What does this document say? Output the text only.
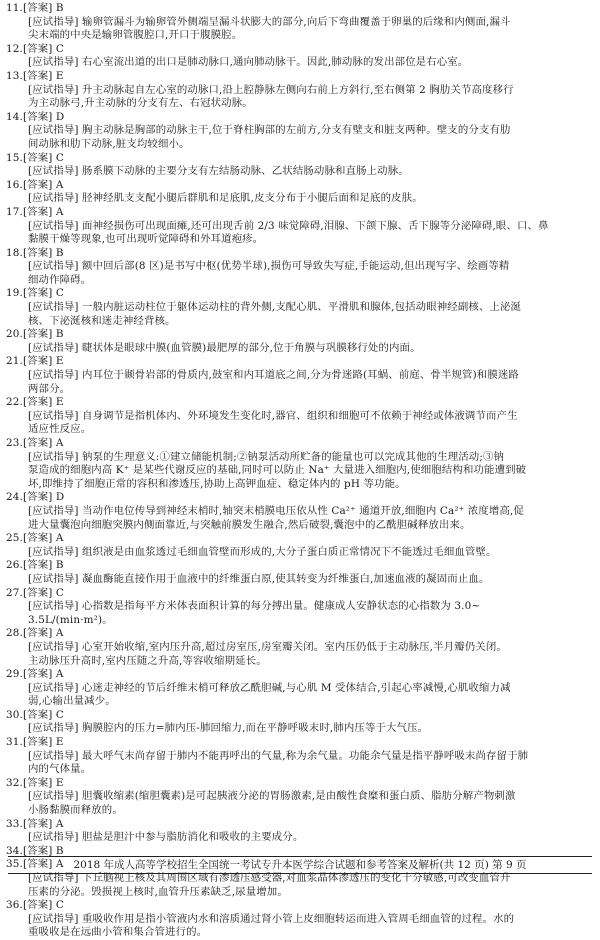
11.[答案] B
[应试指导] 输卵管漏斗为输卵管外侧端呈漏斗状膨大的部分,向后下弯曲覆盖于卵巢的后缘和内侧面,漏斗
尖末端的中央是输卵管腹腔口,开口于腹膜腔。
12.[答案] C
[应试指导] 右心室流出道的出口是肺动脉口,通向肺动脉干。因此,肺动脉的发出部位是右心室。
13.[答案] E
[应试指导] 升主动脉起自左心室的动脉口,沿上腔静脉左侧向右前上方斜行,至右侧第 2 胸肋关节高度移行
为主动脉弓,升主动脉的分支有左、右冠状动脉。
14.[答案] D
[应试指导] 胸主动脉是胸部的动脉主干,位于脊柱胸部的左前方,分支有壁支和脏支两种。壁支的分支有肋
间动脉和肋下动脉,脏支均较细小。
15.[答案] C
[应试指导] 肠系膜下动脉的主要分支有左结肠动脉、乙状结肠动脉和直肠上动脉。
16.[答案] A
[应试指导] 胫神经肌支支配小腿后群肌和足底肌,皮支分布于小腿后面和足底的皮肤。
17.[答案] A
[应试指导] 面神经损伤可出现面瘫,还可出现舌前 2/3 味觉障碍,泪腺、下颌下腺、舌下腺等分泌障碍,眼、口、鼻
黏膜干燥等现象,也可出现听觉障碍和外耳道疱疹。
18.[答案] B
[应试指导] 额中回后部(8 区)是书写中枢(优势半球),损伤可导致失写症,手能运动,但出现写字、绘画等精
细动作障碍。
19.[答案] C
[应试指导] 一般内脏运动柱位于躯体运动柱的背外侧,支配心肌、平滑肌和腺体,包括动眼神经副核、上泌涎
核、下泌涎核和迷走神经背核。
20.[答案] B
[应试指导] 睫状体是眼球中膜(血管膜)最肥厚的部分,位于角膜与巩膜移行处的内面。
21.[答案] E
[应试指导] 内耳位于颞骨岩部的骨质内,鼓室和内耳道底之间,分为骨迷路(耳蜗、前庭、骨半规管)和膜迷路
两部分。
22.[答案] E
[应试指导] 自身调节是指机体内、外环境发生变化时,器官、组织和细胞可不依赖于神经或体液调节而产生
适应性反应。
23.[答案] A
[应试指导] 钠泵的生理意义:①建立储能机制;②钠泵活动所贮备的能量也可以完成其他的生理活动;③钠
泵造成的细胞内高 K⁺ 是某些代谢反应的基础,同时可以防止 Na⁺ 大量进入细胞内,使细胞结构和功能遭到破
坏,即维持了细胞正常的容积和渗透压,协助上高钾血症、稳定体内的 pH 等功能。
24.[答案] D
[应试指导] 当动作电位传导到神经末梢时,轴突末梢膜电压依从性 Ca²⁺ 通道开放,细胞内 Ca²⁺ 浓度增高,促
进大量囊泡向细胞突膜内侧面靠近,与突触前膜发生融合,然后破裂,囊泡中的乙酰胆碱释放出来。
25.[答案] A
[应试指导] 组织液是由血浆透过毛细血管壁而形成的,大分子蛋白质正常情况下不能透过毛细血管壁。
26.[答案] B
[应试指导] 凝血酶能直接作用于血液中的纤维蛋白原,使其转变为纤维蛋白,加速血液的凝固而止血。
27.[答案] C
[应试指导] 心指数是指每平方米体表面积计算的每分搏出量。健康成人安静状态的心指数为 3.0~
3.5L/(min·m²)。
28.[答案] A
[应试指导] 心室开始收缩,室内压升高,超过房室压,房室瓣关闭。室内压仍低于主动脉压,半月瓣仍关闭。
主动脉压升高时,室内压随之升高,等容收缩期延长。
29.[答案] A
[应试指导] 心迷走神经的节后纤维末梢可释放乙酰胆碱,与心肌 M 受体结合,引起心率减慢,心肌收缩力减
弱,心输出量减少。
30.[答案] C
[应试指导] 胸膜腔内的压力=肺内压-肺回缩力,而在平静呼吸末时,肺内压等于大气压。
31.[答案] E
[应试指导] 最大呼气末尚存留于肺内不能再呼出的气量,称为余气量。功能余气量是指平静呼吸末尚存留于肺
内的气体量。
32.[答案] E
[应试指导] 胆囊收缩素(缩胆囊素)是可起胰液分泌的胃肠激素,是由酸性食糜和蛋白质、脂肪分解产物刺激
小肠黏膜而释放的。
33.[答案] A
[应试指导] 胆盐是胆汁中参与脂肪消化和吸收的主要成分。
34.[答案] B
35.[答案] A
[应试指导] 下丘脑视上核及其周围区域有渗透压感受器,对血浆晶体渗透压的变化十分敏感,可改变血管升
压素的分泌。毁损视上核时,血管升压素缺乏,尿量增加。
36.[答案] C
[应试指导] 重吸收作用是指小管液内水和溶质通过肾小管上皮细胞转运而进入管周毛细血管的过程。水的
重吸收是在远曲小管和集合管进行的。
2018 年成人高等学校招生全国统一考试专升本医学综合试题和参考答案及解析(共 12 页) 第 9 页
